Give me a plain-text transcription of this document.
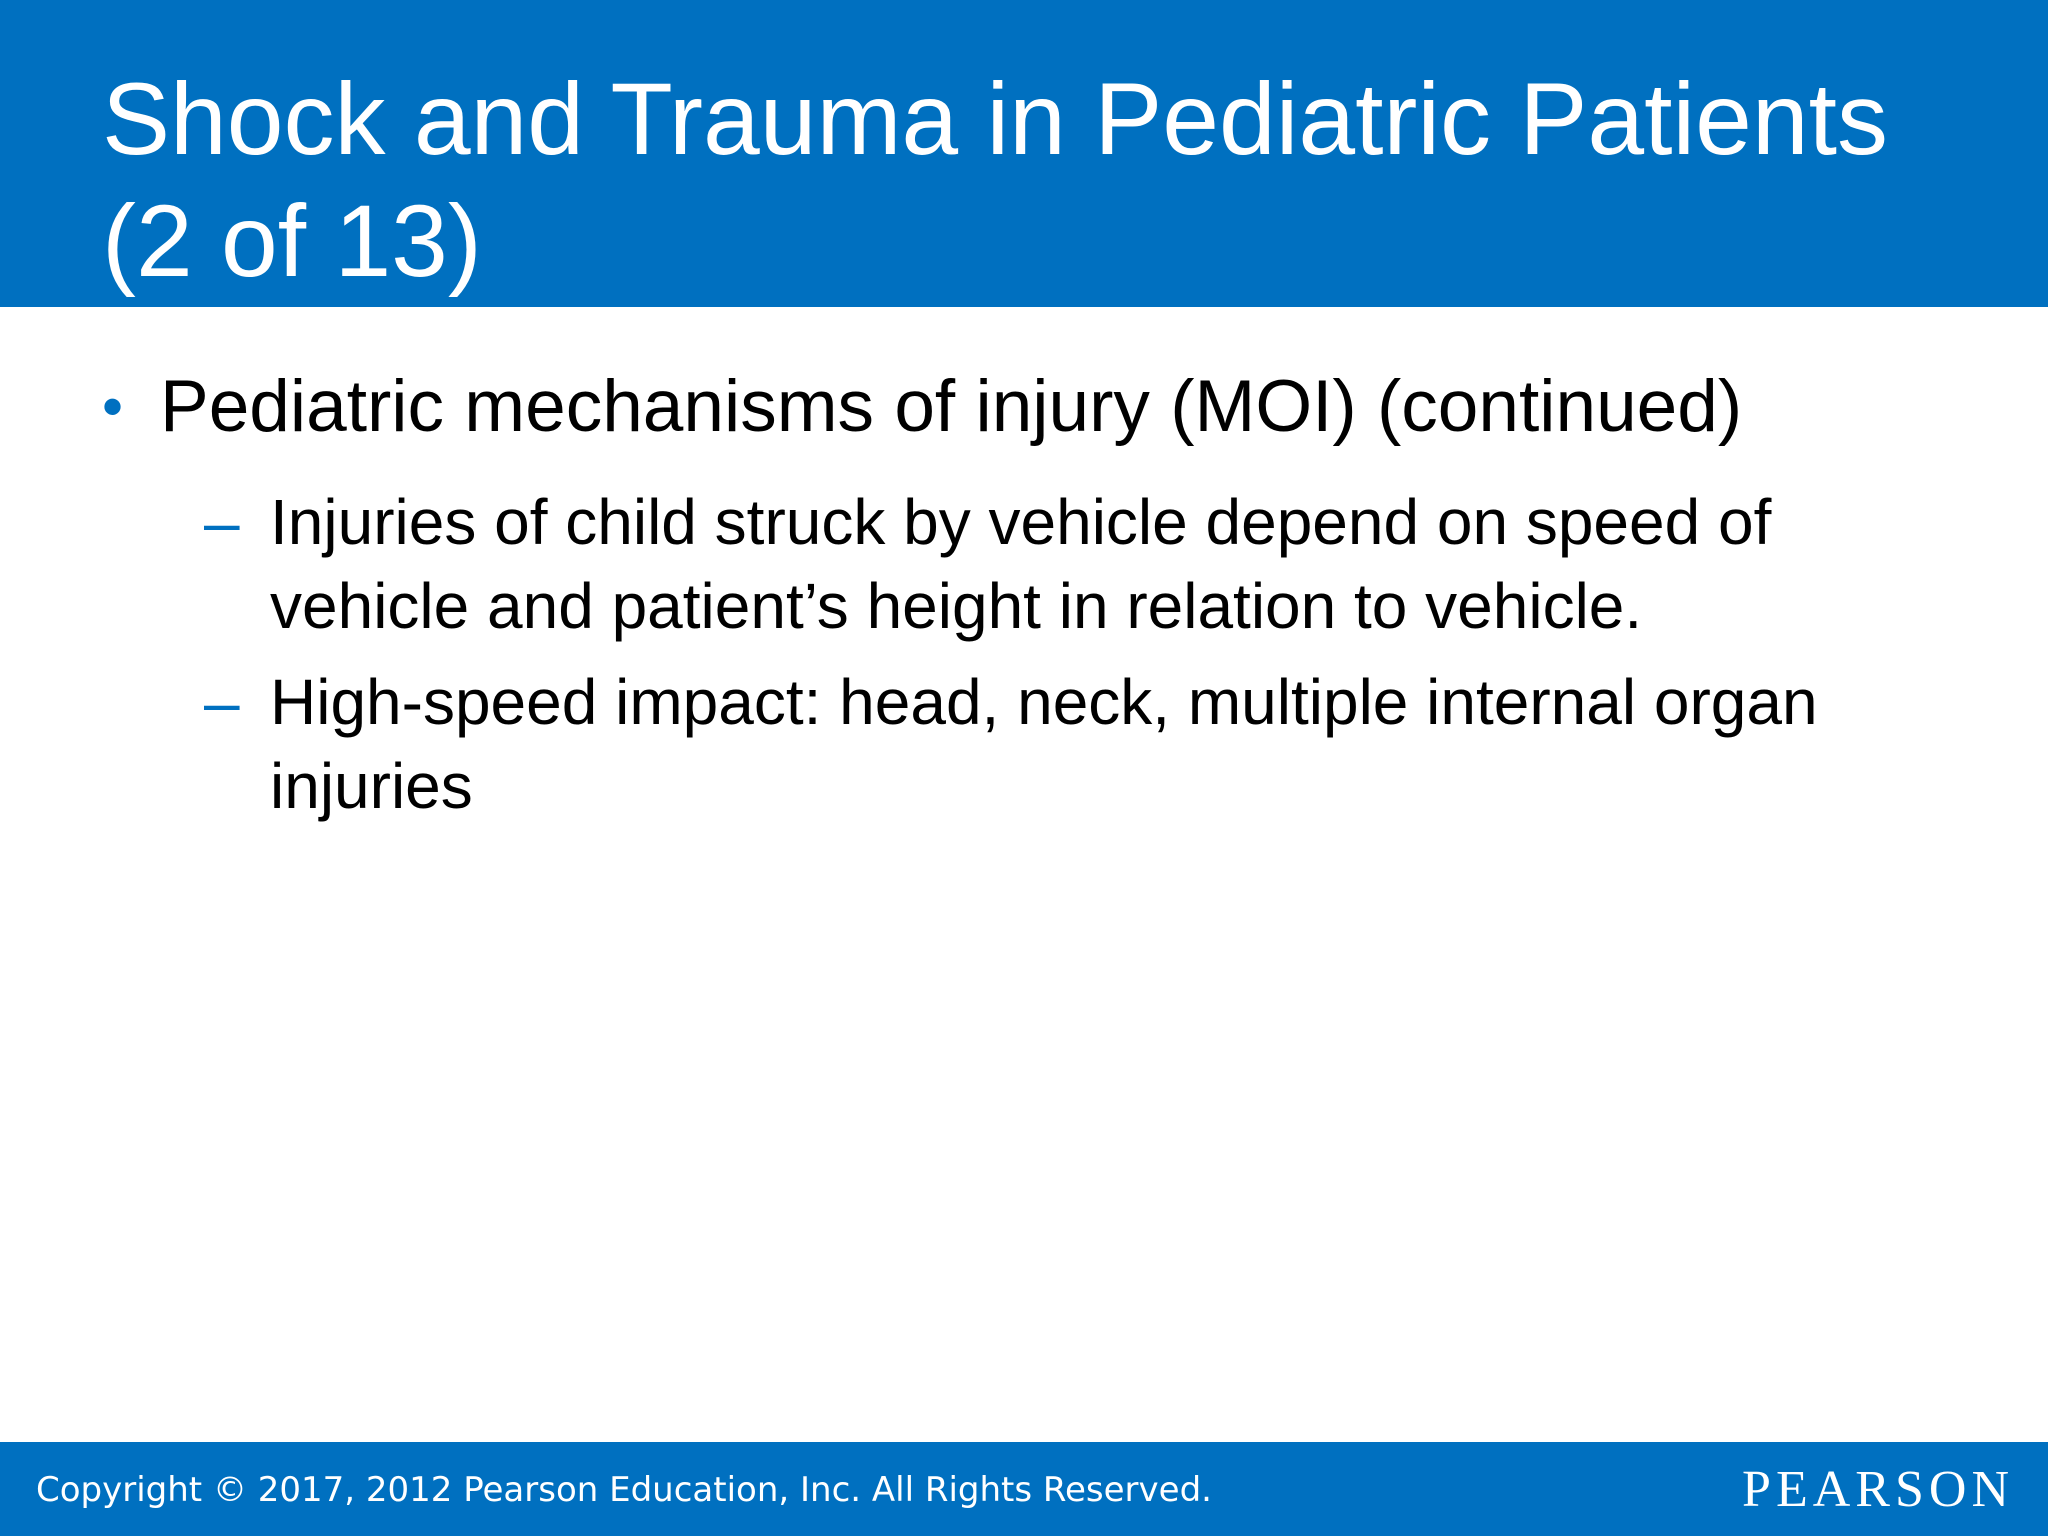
Shock and Trauma in Pediatric Patients
(2 of 13)
• Pediatric mechanisms of injury (MOI) (continued)
– Injuries of child struck by vehicle depend on speed of vehicle and patient’s height in relation to vehicle.
– High-speed impact: head, neck, multiple internal organ injuries
Copyright © 2017, 2012 Pearson Education, Inc. All Rights Reserved.	PEARSON
